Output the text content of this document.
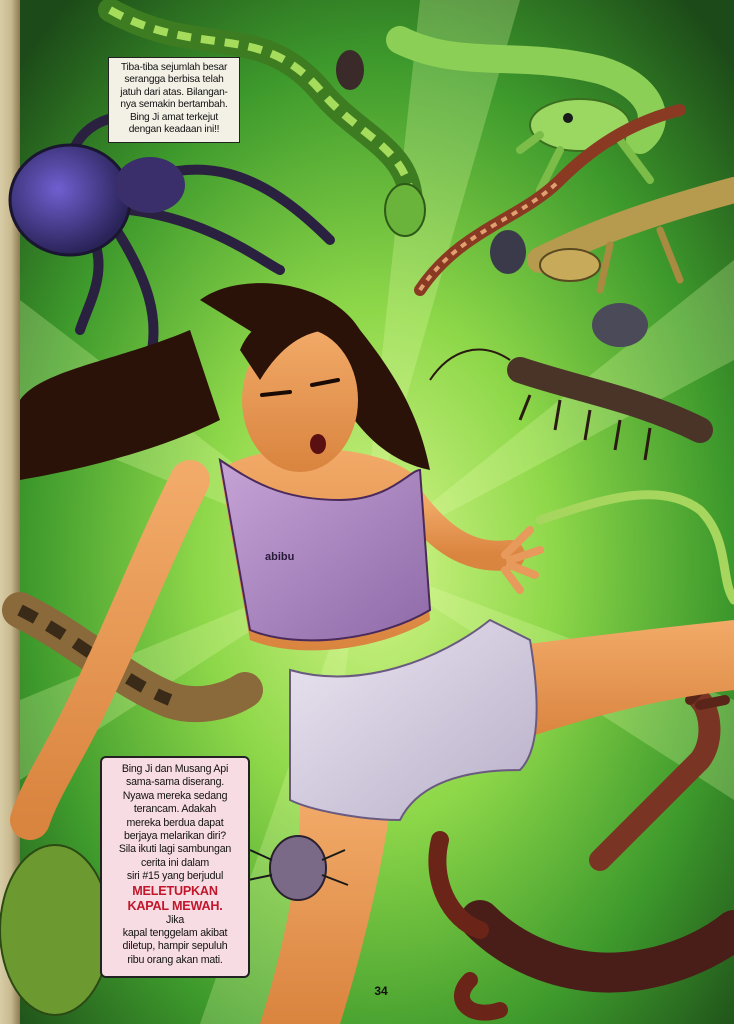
abibu
Tiba-tiba sejumlah besar
serangga berbisa telah
jatuh dari atas. Bilangan-
nya semakin bertambah.
Bing Ji amat terkejut
dengan keadaan ini!!
Bing Ji dan Musang Api
sama-sama diserang.
Nyawa mereka sedang
terancam. Adakah
mereka berdua dapat
berjaya melarikan diri?
Sila ikuti lagi sambungan
cerita ini dalam
siri #15 yang berjudul
MELETUPKAN
KAPAL MEWAH.
Jika
kapal tenggelam akibat
diletup, hampir sepuluh
ribu orang akan mati.
34
